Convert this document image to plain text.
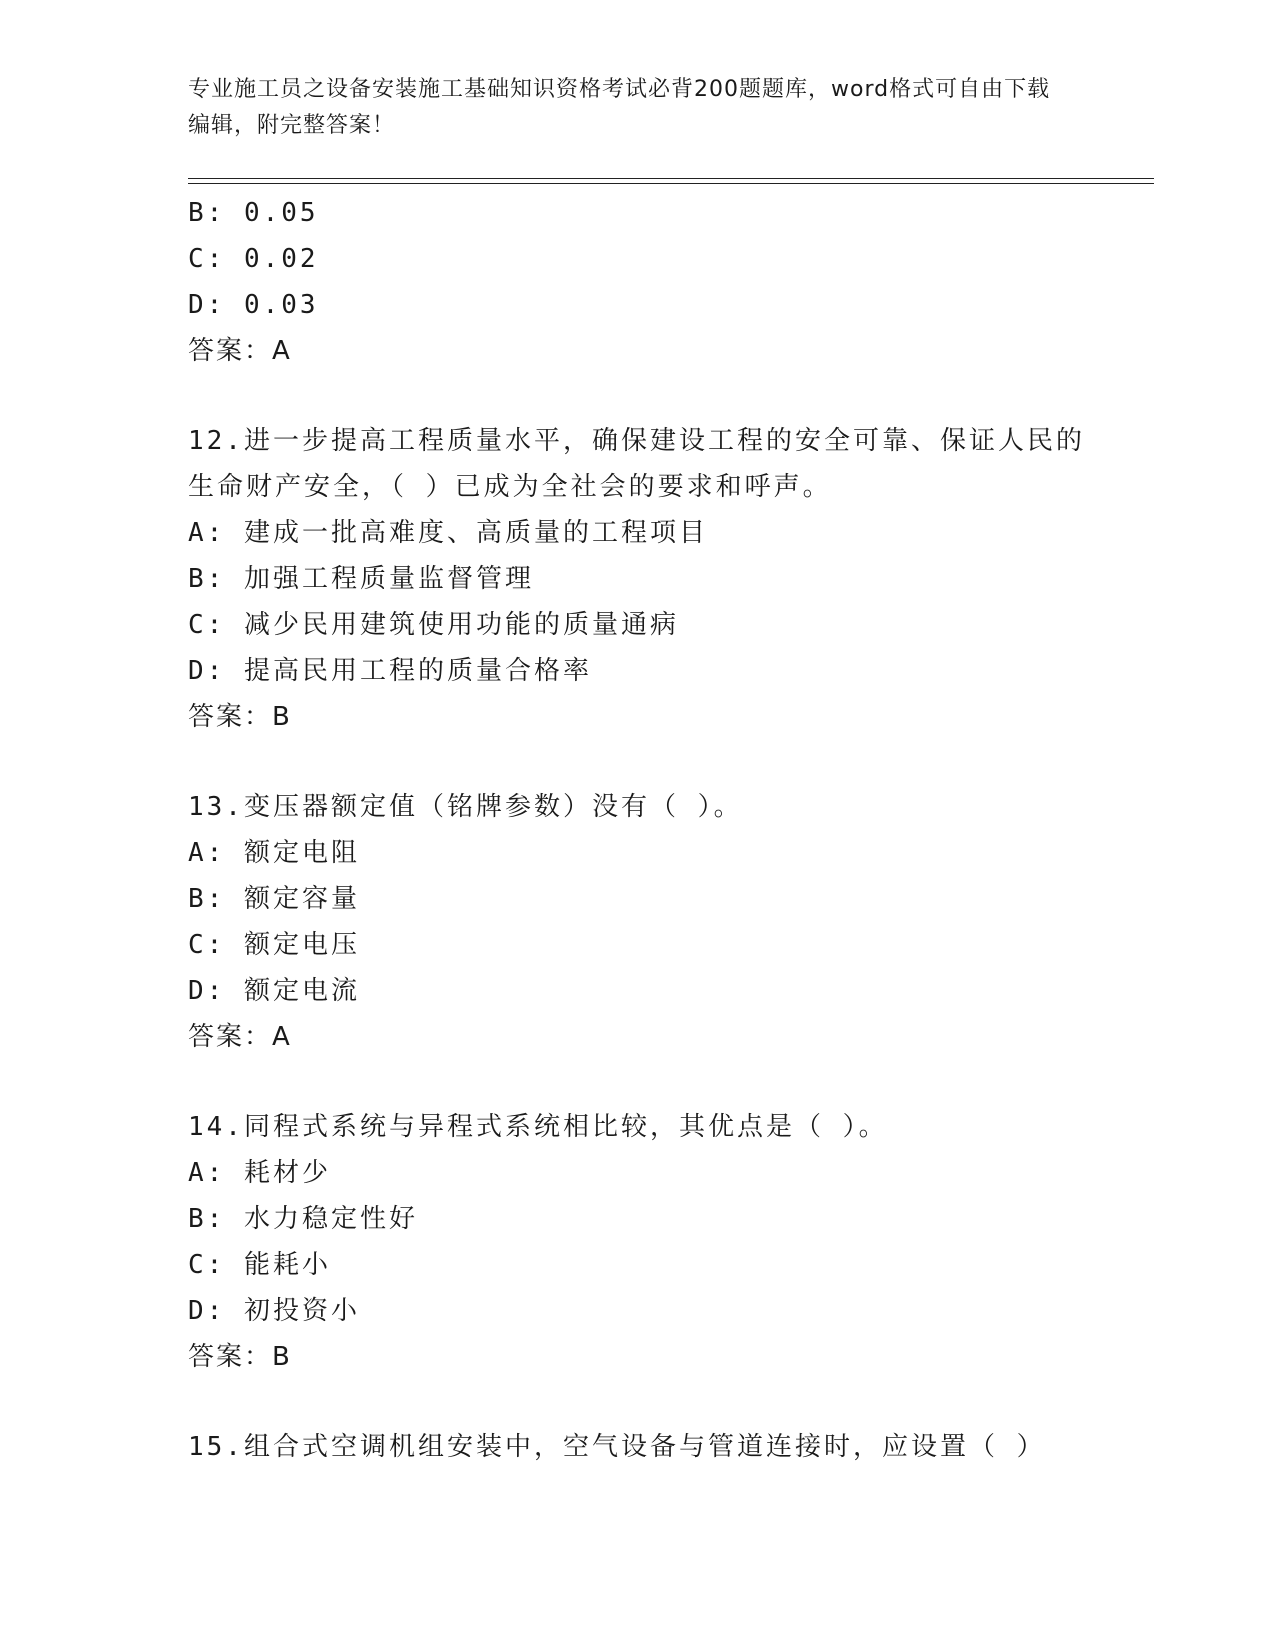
专业施工员之设备安装施工基础知识资格考试必背200题题库，word格式可自由下载编辑，附完整答案！
B: 0.05
C: 0.02
D: 0.03
答案：A
12.进一步提高工程质量水平，确保建设工程的安全可靠、保证人民的生命财产安全，（ ）已成为全社会的要求和呼声。
A: 建成一批高难度、高质量的工程项目
B: 加强工程质量监督管理
C: 减少民用建筑使用功能的质量通病
D: 提高民用工程的质量合格率
答案：B
13.变压器额定值（铭牌参数）没有（ ）。
A: 额定电阻
B: 额定容量
C: 额定电压
D: 额定电流
答案：A
14.同程式系统与异程式系统相比较，其优点是（ ）。
A: 耗材少
B: 水力稳定性好
C: 能耗小
D: 初投资小
答案：B
15.组合式空调机组安装中，空气设备与管道连接时，应设置（ ）
